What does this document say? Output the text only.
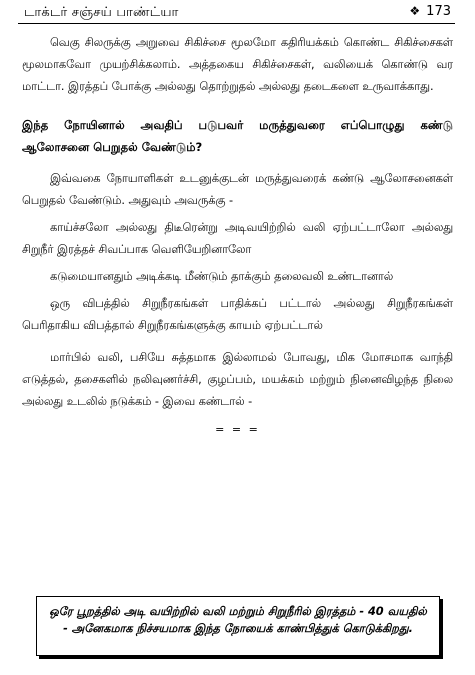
டாக்டர் சஞ்சய் பாண்ட்யா	❖ 173

வெகு சிலருக்கு அறுவை சிகிச்சை மூலமோ கதிரியக்கம் கொண்ட சிகிச்சைகள் மூலமாகவோ முயற்சிக்கலாம். அத்தகைய சிகிச்சைகள், வலியைக் கொண்டு வர மாட்டா. இரத்தப் போக்கு அல்லது தொற்றுதல் அல்லது தடைகளை உருவாக்காது.

இந்த நோயினால் அவதிப் படுபவர் மருத்துவரை எப்பொழுது கண்டு ஆலோசனை பெறுதல் வேண்டும்?

இவ்வகை நோயாளிகள் உடனுக்குடன் மருத்துவரைக் கண்டு ஆலோசனைகள் பெறுதல் வேண்டும். அதுவும் அவருக்கு -

காய்ச்சலோ அல்லது திடீரென்று அடிவயிற்றில் வலி ஏற்பட்டாலோ அல்லது சிறுநீர் இரத்தச் சிவப்பாக வெளியேறினாலோ

கடுமையானதும் அடிக்கடி மீண்டும் தாக்கும் தலைவலி உண்டானால்

ஒரு விபத்தில் சிறுநீரகங்கள் பாதிக்கப் பட்டால் அல்லது சிறுநீரகங்கள் பெரிதாகிய விபத்தால் சிறுநீரகங்களுக்கு காயம் ஏற்பட்டால்

மார்பில் வலி, பசியே சுத்தமாக இல்லாமல் போவது, மிக மோசமாக வாந்தி எடுத்தல், தசைகளில் நலிவுணர்ச்சி, குழப்பம், மயக்கம் மற்றும் நினைவிழந்த நிலை அல்லது உடலில் நடுக்கம் - இவை கண்டால் -

= = =

ஒரே பூறத்தில் அடி வயிற்றில் வலி மற்றும் சிறுநீரில் இரத்தம் - 40 வயதில் - அனேகமாக நிச்சயமாக இந்த நோயைக் காண்பித்துக் கொடுக்கிறது.
